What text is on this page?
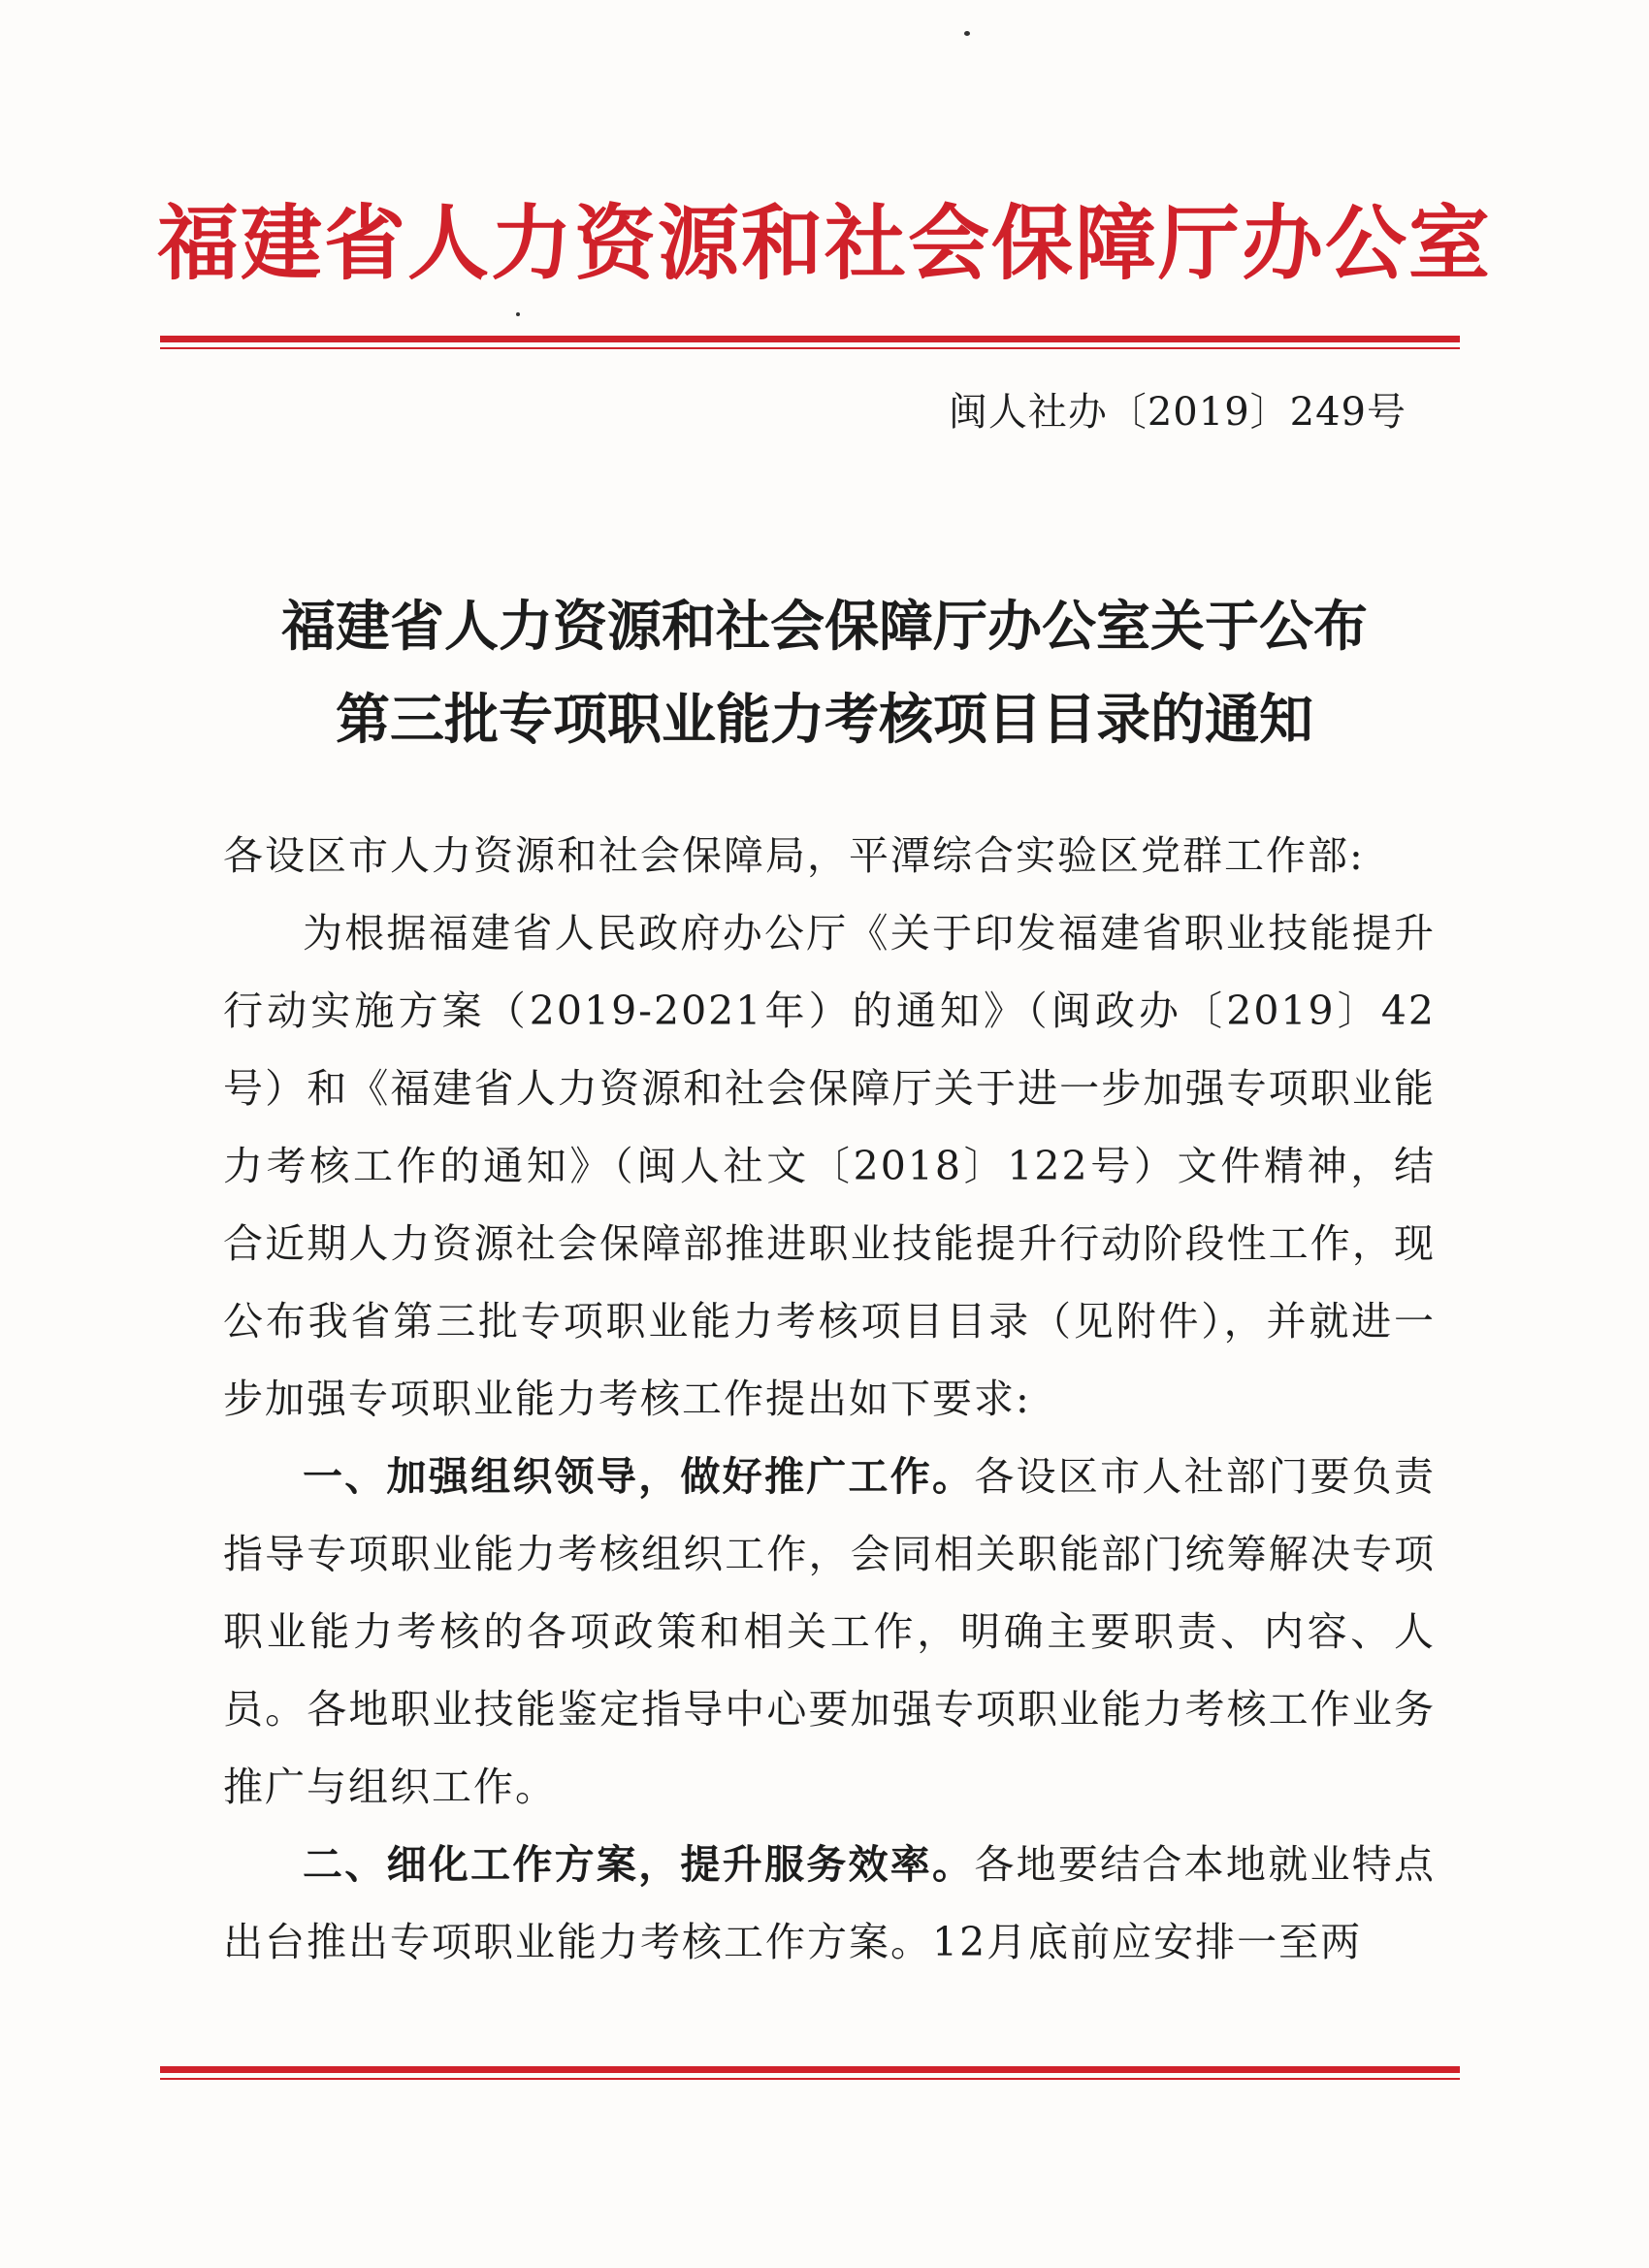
福建省人力资源和社会保障厅办公室
闽人社办〔2019〕249号
福建省人力资源和社会保障厅办公室关于公布
第三批专项职业能力考核项目目录的通知

各设区市人力资源和社会保障局，平潭综合实验区党群工作部:

为根据福建省人民政府办公厅《关于印发福建省职业技能提升行动实施方案（2019-2021年）的通知》（闽政办〔2019〕42号）和《福建省人力资源和社会保障厅关于进一步加强专项职业能力考核工作的通知》（闽人社文〔2018〕122号）文件精神，结合近期人力资源社会保障部推进职业技能提升行动阶段性工作，现公布我省第三批专项职业能力考核项目目录（见附件），并就进一步加强专项职业能力考核工作提出如下要求:

一、加强组织领导，做好推广工作。各设区市人社部门要负责指导专项职业能力考核组织工作，会同相关职能部门统筹解决专项职业能力考核的各项政策和相关工作，明确主要职责、内容、人员。各地职业技能鉴定指导中心要加强专项职业能力考核工作业务推广与组织工作。

二、细化工作方案，提升服务效率。各地要结合本地就业特点出台推出专项职业能力考核工作方案。12月底前应安排一至两
